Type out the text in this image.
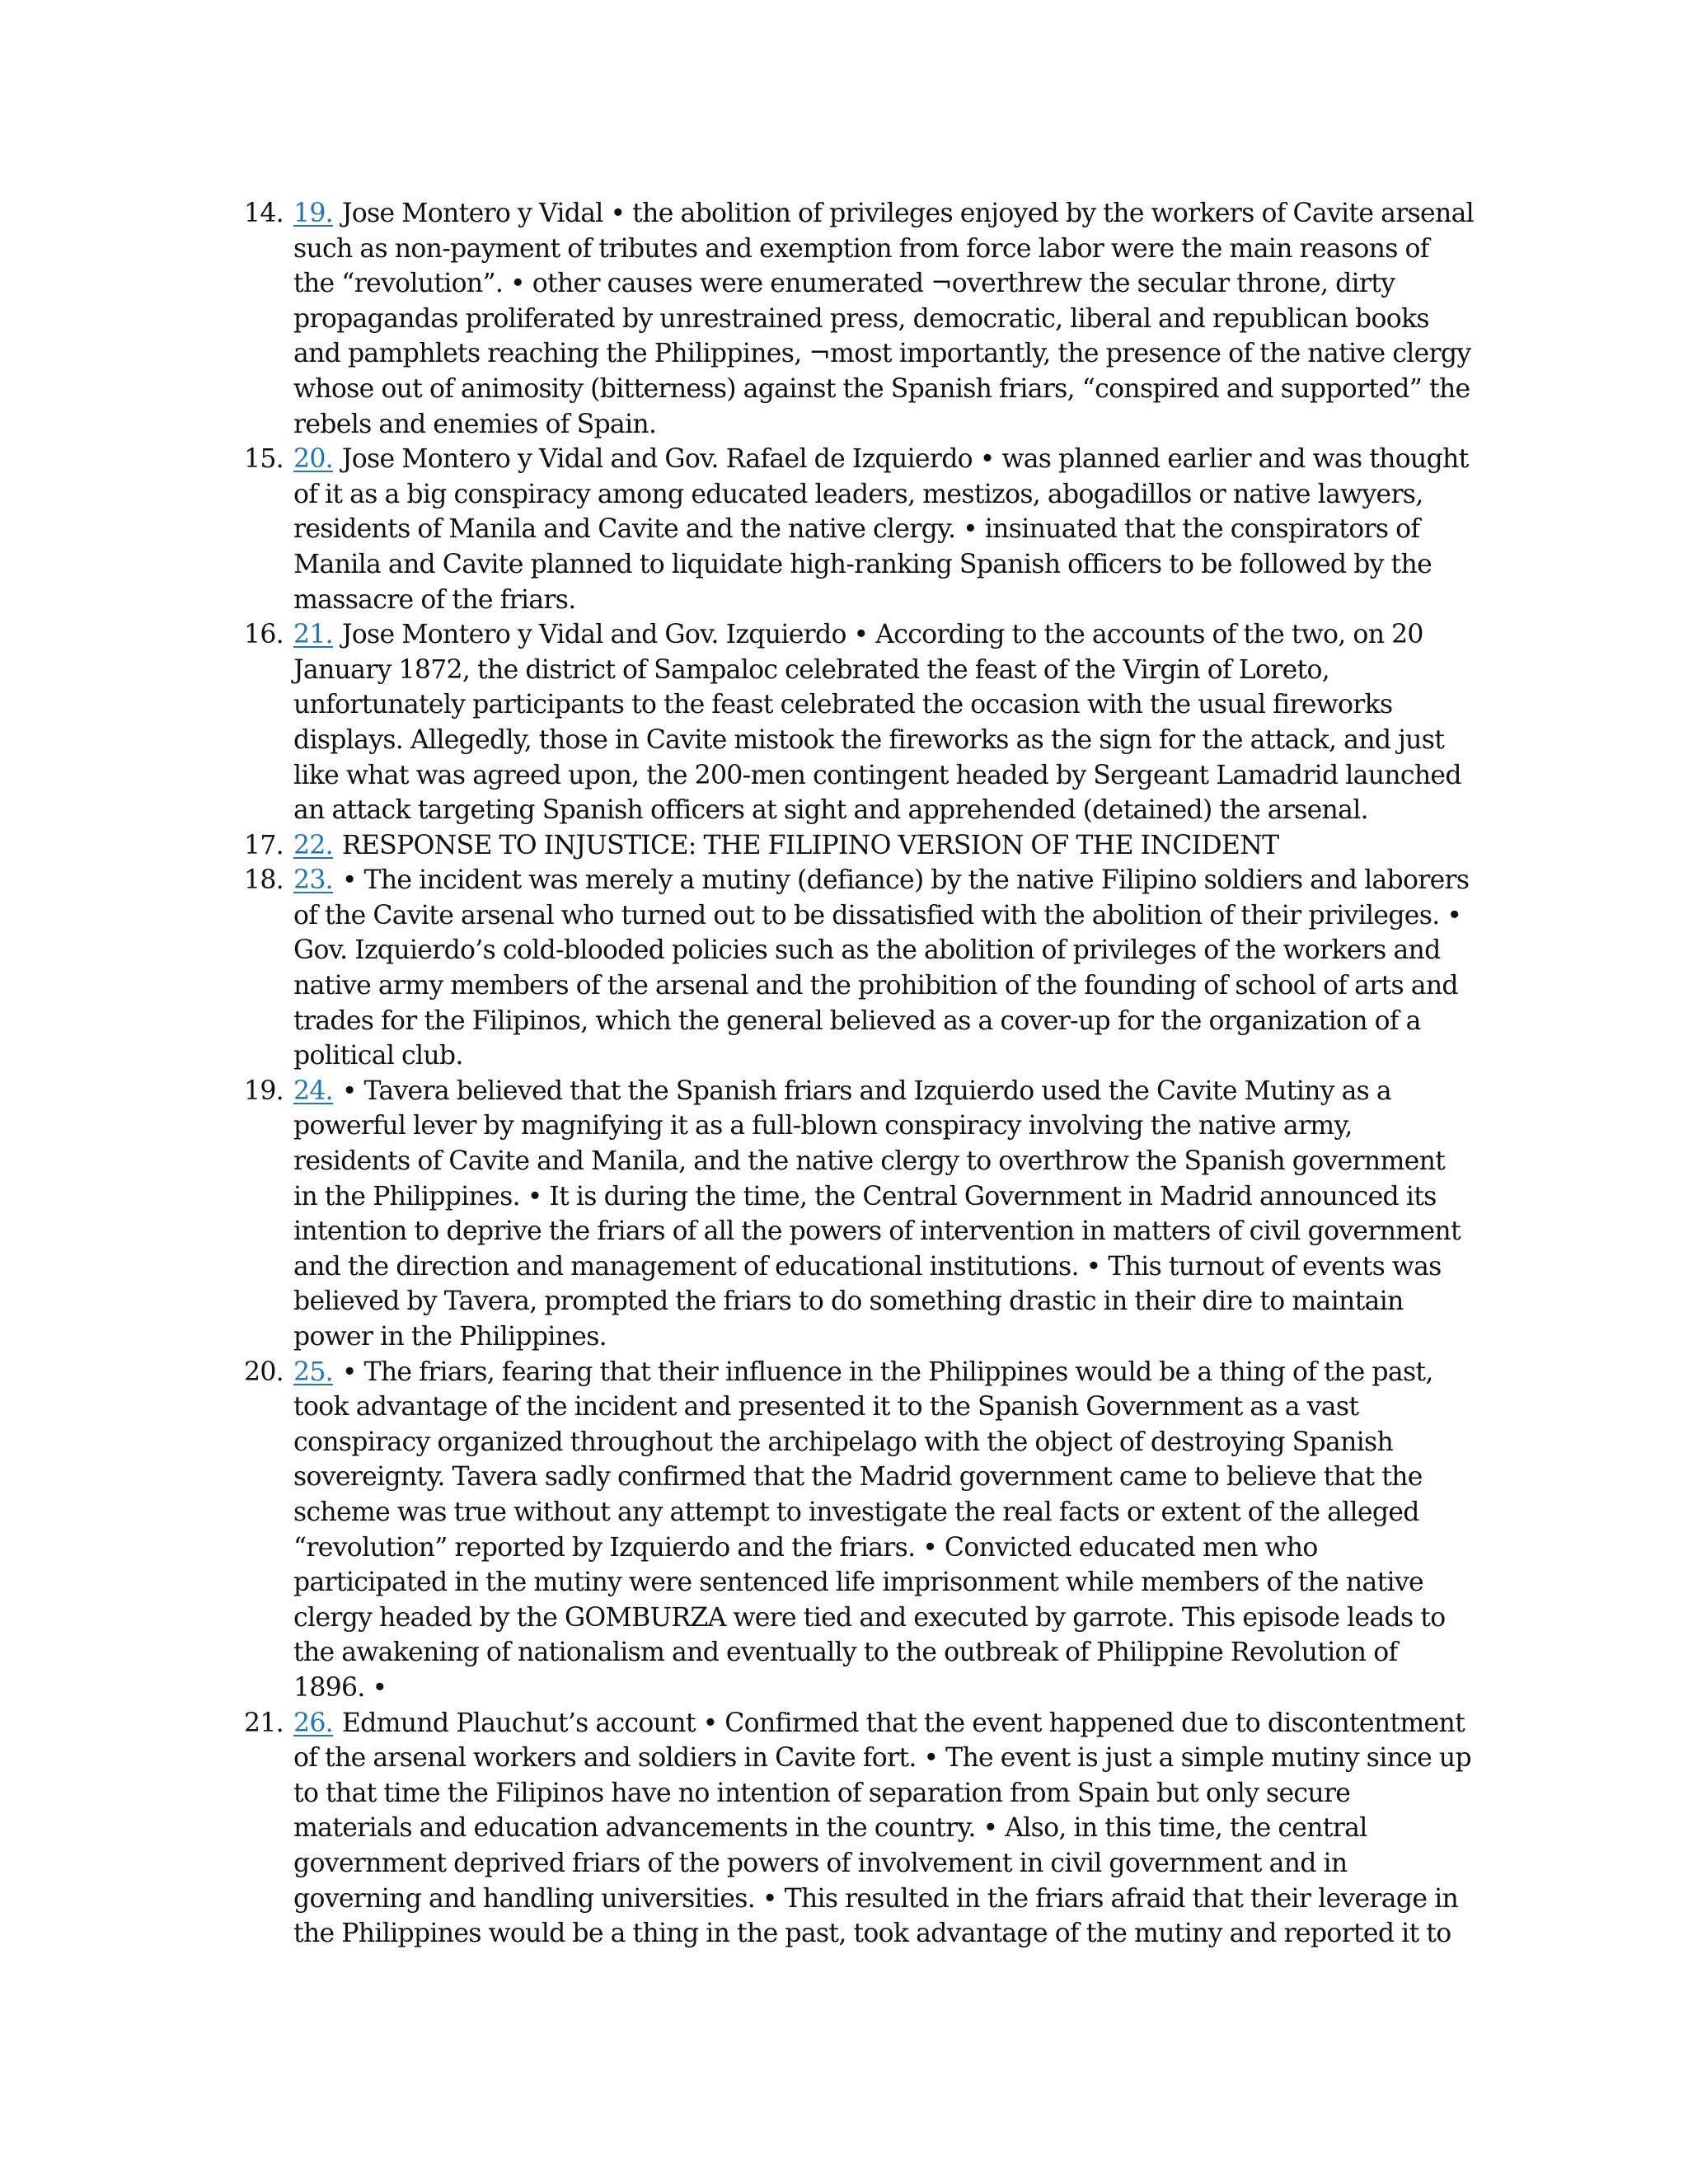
14. 19. Jose Montero y Vidal • the abolition of privileges enjoyed by the workers of Cavite arsenal such as non-payment of tributes and exemption from force labor were the main reasons of the “revolution”. • other causes were enumerated ¬overthrew the secular throne, dirty propagandas proliferated by unrestrained press, democratic, liberal and republican books and pamphlets reaching the Philippines, ¬most importantly, the presence of the native clergy whose out of animosity (bitterness) against the Spanish friars, “conspired and supported” the rebels and enemies of Spain.
15. 20. Jose Montero y Vidal and Gov. Rafael de Izquierdo • was planned earlier and was thought of it as a big conspiracy among educated leaders, mestizos, abogadillos or native lawyers, residents of Manila and Cavite and the native clergy. • insinuated that the conspirators of Manila and Cavite planned to liquidate high-ranking Spanish officers to be followed by the massacre of the friars.
16. 21. Jose Montero y Vidal and Gov. Izquierdo • According to the accounts of the two, on 20 January 1872, the district of Sampaloc celebrated the feast of the Virgin of Loreto, unfortunately participants to the feast celebrated the occasion with the usual fireworks displays. Allegedly, those in Cavite mistook the fireworks as the sign for the attack, and just like what was agreed upon, the 200-men contingent headed by Sergeant Lamadrid launched an attack targeting Spanish officers at sight and apprehended (detained) the arsenal.
17. 22. RESPONSE TO INJUSTICE: THE FILIPINO VERSION OF THE INCIDENT
18. 23. • The incident was merely a mutiny (defiance) by the native Filipino soldiers and laborers of the Cavite arsenal who turned out to be dissatisfied with the abolition of their privileges. • Gov. Izquierdo’s cold-blooded policies such as the abolition of privileges of the workers and native army members of the arsenal and the prohibition of the founding of school of arts and trades for the Filipinos, which the general believed as a cover-up for the organization of a political club.
19. 24. • Tavera believed that the Spanish friars and Izquierdo used the Cavite Mutiny as a powerful lever by magnifying it as a full-blown conspiracy involving the native army, residents of Cavite and Manila, and the native clergy to overthrow the Spanish government in the Philippines. • It is during the time, the Central Government in Madrid announced its intention to deprive the friars of all the powers of intervention in matters of civil government and the direction and management of educational institutions. • This turnout of events was believed by Tavera, prompted the friars to do something drastic in their dire to maintain power in the Philippines.
20. 25. • The friars, fearing that their influence in the Philippines would be a thing of the past, took advantage of the incident and presented it to the Spanish Government as a vast conspiracy organized throughout the archipelago with the object of destroying Spanish sovereignty. Tavera sadly confirmed that the Madrid government came to believe that the scheme was true without any attempt to investigate the real facts or extent of the alleged “revolution” reported by Izquierdo and the friars. • Convicted educated men who participated in the mutiny were sentenced life imprisonment while members of the native clergy headed by the GOMBURZA were tied and executed by garrote. This episode leads to the awakening of nationalism and eventually to the outbreak of Philippine Revolution of 1896. •
21. 26. Edmund Plauchut’s account • Confirmed that the event happened due to discontentment of the arsenal workers and soldiers in Cavite fort. • The event is just a simple mutiny since up to that time the Filipinos have no intention of separation from Spain but only secure materials and education advancements in the country. • Also, in this time, the central government deprived friars of the powers of involvement in civil government and in governing and handling universities. • This resulted in the friars afraid that their leverage in the Philippines would be a thing in the past, took advantage of the mutiny and reported it to
